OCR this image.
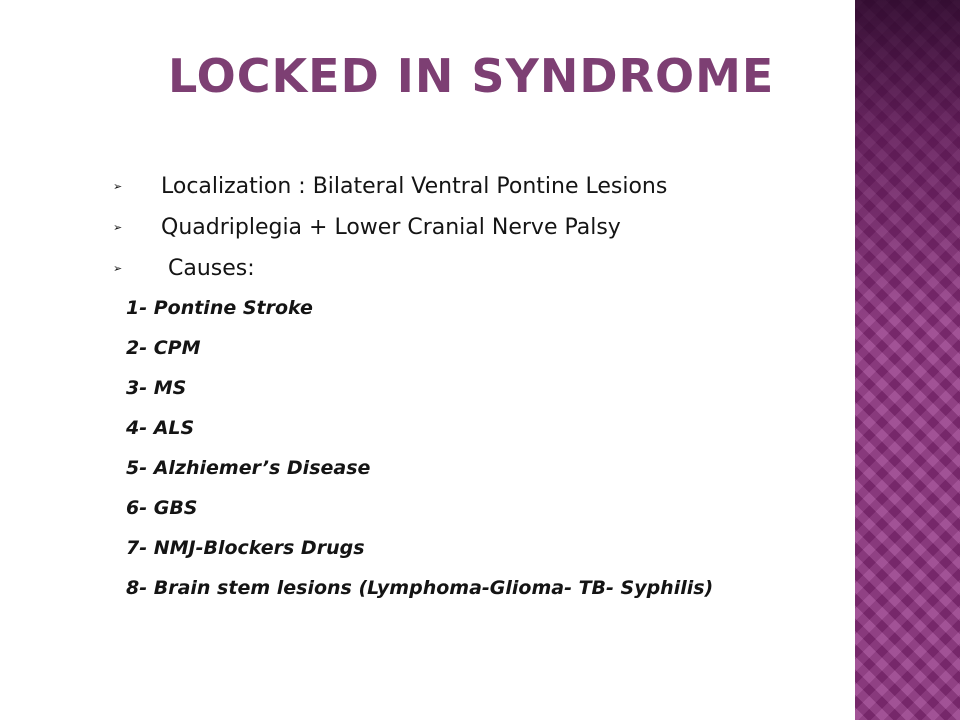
LOCKED IN SYNDROME
➢ Localization : Bilateral Ventral Pontine Lesions
➢ Quadriplegia + Lower Cranial Nerve Palsy
➢ Causes:
1- Pontine Stroke
2- CPM
3- MS
4- ALS
5- Alzhiemer’s Disease
6- GBS
7- NMJ-Blockers Drugs
8- Brain stem lesions (Lymphoma-Glioma- TB- Syphilis)
